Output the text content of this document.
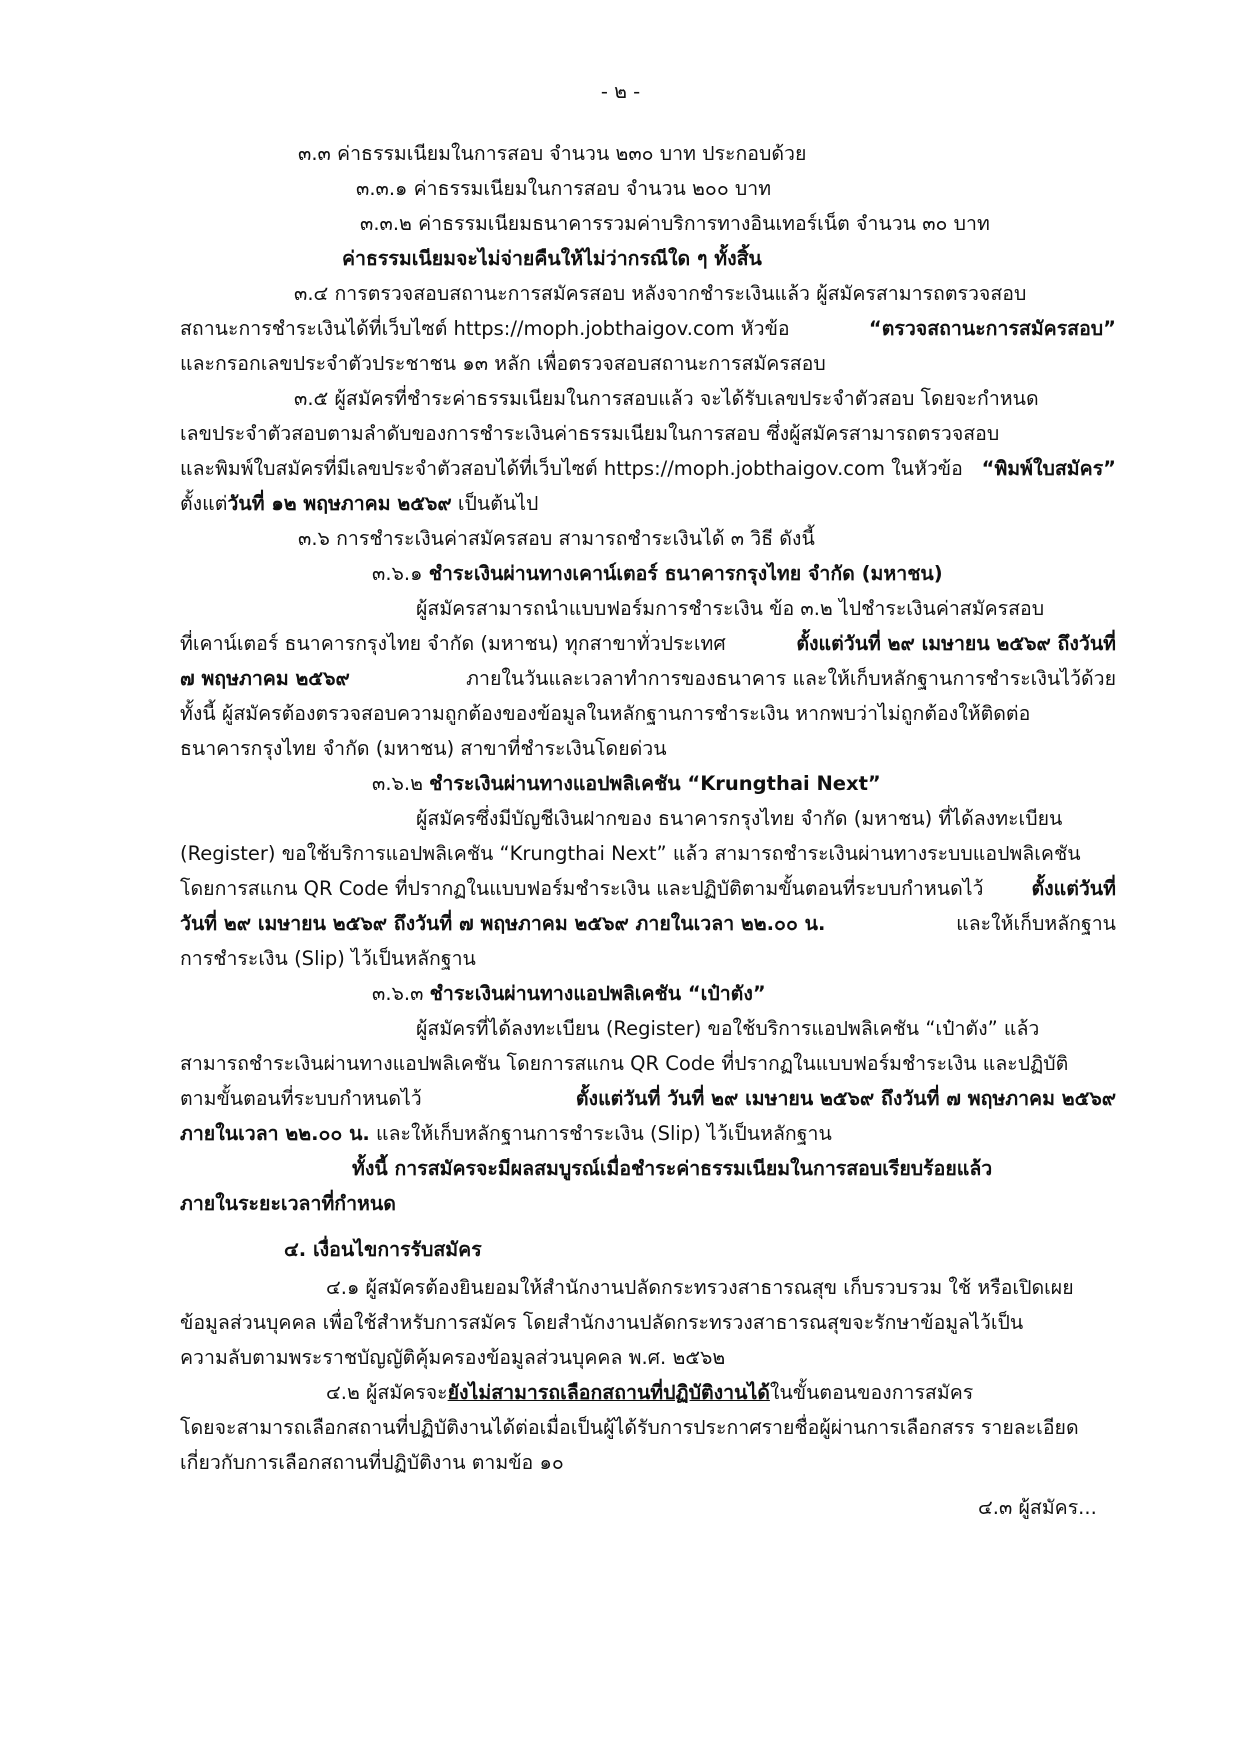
- ๒ -
๓.๓ ค่าธรรมเนียมในการสอบ จำนวน ๒๓๐ บาท ประกอบด้วย
๓.๓.๑ ค่าธรรมเนียมในการสอบ จำนวน ๒๐๐ บาท
๓.๓.๒ ค่าธรรมเนียมธนาคารรวมค่าบริการทางอินเทอร์เน็ต จำนวน ๓๐ บาท
ค่าธรรมเนียมจะไม่จ่ายคืนให้ไม่ว่ากรณีใด ๆ ทั้งสิ้น
๓.๔ การตรวจสอบสถานะการสมัครสอบ หลังจากชำระเงินแล้ว ผู้สมัครสามารถตรวจสอบ
สถานะการชำระเงินได้ที่เว็บไซต์ https://moph.jobthaigov.com หัวข้อ	“ตรวจสถานะการสมัครสอบ”
และกรอกเลขประจำตัวประชาชน ๑๓ หลัก เพื่อตรวจสอบสถานะการสมัครสอบ
๓.๕ ผู้สมัครที่ชำระค่าธรรมเนียมในการสอบแล้ว จะได้รับเลขประจำตัวสอบ โดยจะกำหนด
เลขประจำตัวสอบตามลำดับของการชำระเงินค่าธรรมเนียมในการสอบ ซึ่งผู้สมัครสามารถตรวจสอบ
และพิมพ์ใบสมัครที่มีเลขประจำตัวสอบได้ที่เว็บไซต์ https://moph.jobthaigov.com ในหัวข้อ “พิมพ์ใบสมัคร”
ตั้งแต่วันที่ ๑๒ พฤษภาคม ๒๕๖๙ เป็นต้นไป
๓.๖ การชำระเงินค่าสมัครสอบ สามารถชำระเงินได้ ๓ วิธี ดังนี้
๓.๖.๑ ชำระเงินผ่านทางเคาน์เตอร์ ธนาคารกรุงไทย จำกัด (มหาชน)
ผู้สมัครสามารถนำแบบฟอร์มการชำระเงิน ข้อ ๓.๒ ไปชำระเงินค่าสมัครสอบ
ที่เคาน์เตอร์ ธนาคารกรุงไทย จำกัด (มหาชน) ทุกสาขาทั่วประเทศ	ตั้งแต่วันที่ ๒๙ เมษายน ๒๕๖๙ ถึงวันที่
๗ พฤษภาคม ๒๕๖๙	ภายในวันและเวลาทำการของธนาคาร และให้เก็บหลักฐานการชำระเงินไว้ด้วย
ทั้งนี้ ผู้สมัครต้องตรวจสอบความถูกต้องของข้อมูลในหลักฐานการชำระเงิน หากพบว่าไม่ถูกต้องให้ติดต่อ
ธนาคารกรุงไทย จำกัด (มหาชน) สาขาที่ชำระเงินโดยด่วน
๓.๖.๒ ชำระเงินผ่านทางแอปพลิเคชัน “Krungthai Next”
ผู้สมัครซึ่งมีบัญชีเงินฝากของ ธนาคารกรุงไทย จำกัด (มหาชน) ที่ได้ลงทะเบียน
(Register) ขอใช้บริการแอปพลิเคชัน “Krungthai Next” แล้ว สามารถชำระเงินผ่านทางระบบแอปพลิเคชัน
โดยการสแกน QR Code ที่ปรากฏในแบบฟอร์มชำระเงิน และปฏิบัติตามขั้นตอนที่ระบบกำหนดไว้ ตั้งแต่วันที่
วันที่ ๒๙ เมษายน ๒๕๖๙ ถึงวันที่ ๗ พฤษภาคม ๒๕๖๙ ภายในเวลา ๒๒.๐๐ น.	และให้เก็บหลักฐาน
การชำระเงิน (Slip) ไว้เป็นหลักฐาน
๓.๖.๓ ชำระเงินผ่านทางแอปพลิเคชัน “เป๋าตัง”
ผู้สมัครที่ได้ลงทะเบียน (Register) ขอใช้บริการแอปพลิเคชัน “เป๋าตัง” แล้ว
สามารถชำระเงินผ่านทางแอปพลิเคชัน โดยการสแกน QR Code ที่ปรากฏในแบบฟอร์มชำระเงิน และปฏิบัติ
ตามขั้นตอนที่ระบบกำหนดไว้	ตั้งแต่วันที่ วันที่ ๒๙ เมษายน ๒๕๖๙ ถึงวันที่ ๗ พฤษภาคม ๒๕๖๙
ภายในเวลา ๒๒.๐๐ น. และให้เก็บหลักฐานการชำระเงิน (Slip) ไว้เป็นหลักฐาน
ทั้งนี้ การสมัครจะมีผลสมบูรณ์เมื่อชำระค่าธรรมเนียมในการสอบเรียบร้อยแล้ว
ภายในระยะเวลาที่กำหนด
๔. เงื่อนไขการรับสมัคร
๔.๑ ผู้สมัครต้องยินยอมให้สำนักงานปลัดกระทรวงสาธารณสุข เก็บรวบรวม ใช้ หรือเปิดเผย
ข้อมูลส่วนบุคคล เพื่อใช้สำหรับการสมัคร โดยสำนักงานปลัดกระทรวงสาธารณสุขจะรักษาข้อมูลไว้เป็น
ความลับตามพระราชบัญญัติคุ้มครองข้อมูลส่วนบุคคล พ.ศ. ๒๕๖๒
๔.๒ ผู้สมัครจะยังไม่สามารถเลือกสถานที่ปฏิบัติงานได้ในขั้นตอนของการสมัคร
โดยจะสามารถเลือกสถานที่ปฏิบัติงานได้ต่อเมื่อเป็นผู้ได้รับการประกาศรายชื่อผู้ผ่านการเลือกสรร รายละเอียด
เกี่ยวกับการเลือกสถานที่ปฏิบัติงาน ตามข้อ ๑๐
๔.๓ ผู้สมัคร...
